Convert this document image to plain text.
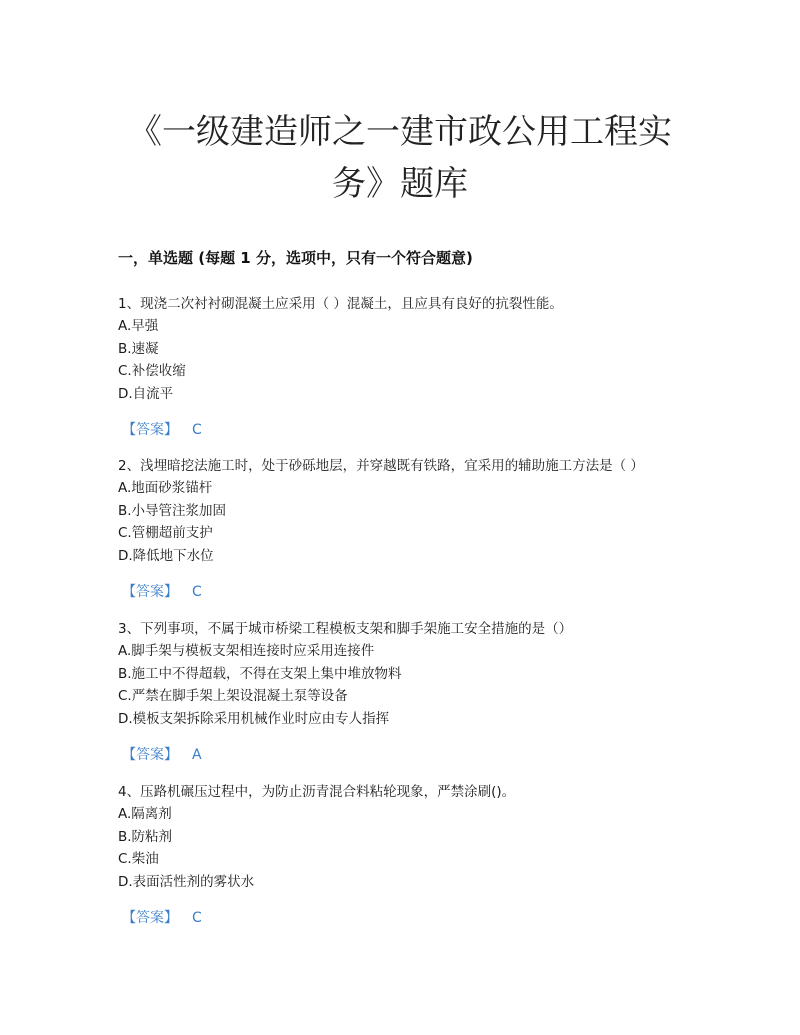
《一级建造师之一建市政公用工程实务》题库
一，单选题 (每题 1 分，选项中，只有一个符合题意)
1、现浇二次衬衬砌混凝土应采用（ ）混凝土，且应具有良好的抗裂性能。
A.早强
B.速凝
C.补偿收缩
D.自流平
【答案】 C
2、浅埋暗挖法施工时，处于砂砾地层，并穿越既有铁路，宜采用的辅助施工方法是（ ）
A.地面砂浆锚杆
B.小导管注浆加固
C.管棚超前支护
D.降低地下水位
【答案】 C
3、下列事项，不属于城市桥梁工程模板支架和脚手架施工安全措施的是（）
A.脚手架与模板支架相连接时应采用连接件
B.施工中不得超载，不得在支架上集中堆放物料
C.严禁在脚手架上架设混凝土泵等设备
D.模板支架拆除采用机械作业时应由专人指挥
【答案】 A
4、压路机碾压过程中，为防止沥青混合料粘轮现象，严禁涂刷()。
A.隔离剂
B.防粘剂
C.柴油
D.表面活性剂的雾状水
【答案】 C
